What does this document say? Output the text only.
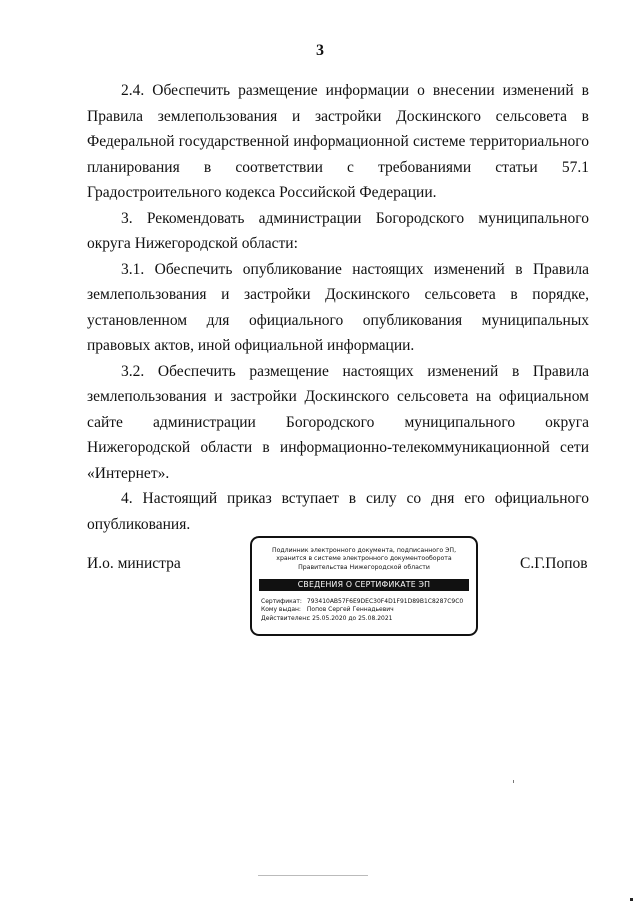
3

2.4. Обеспечить размещение информации о внесении изменений в Правила землепользования и застройки Доскинского сельсовета в Федеральной государственной информационной системе территориального планирования в соответствии с требованиями статьи 57.1 Градостроительного кодекса Российской Федерации.

3. Рекомендовать администрации Богородского муниципального округа Нижегородской области:

3.1. Обеспечить опубликование настоящих изменений в Правила землепользования и застройки Доскинского сельсовета в порядке, установленном для официального опубликования муниципальных правовых актов, иной официальной информации.

3.2. Обеспечить размещение настоящих изменений в Правила землепользования и застройки Доскинского сельсовета на официальном сайте администрации Богородского муниципального округа Нижегородской области в информационно-телекоммуникационной сети «Интернет».

4. Настоящий приказ вступает в силу со дня его официального опубликования.

И.о. министра
Подлинник электронного документа, подписанного ЭП,
хранится в системе электронного документооборота
Правительства Нижегородской области
СВЕДЕНИЯ О СЕРТИФИКАТЕ ЭП
Сертификат: 793410AB57F6E9DEC30F4D1F91D89B1C8287C9C0
Кому выдан: Попов Сергей Геннадьевич
Действителен: с 25.05.2020 до 25.08.2021
С.Г.Попов
